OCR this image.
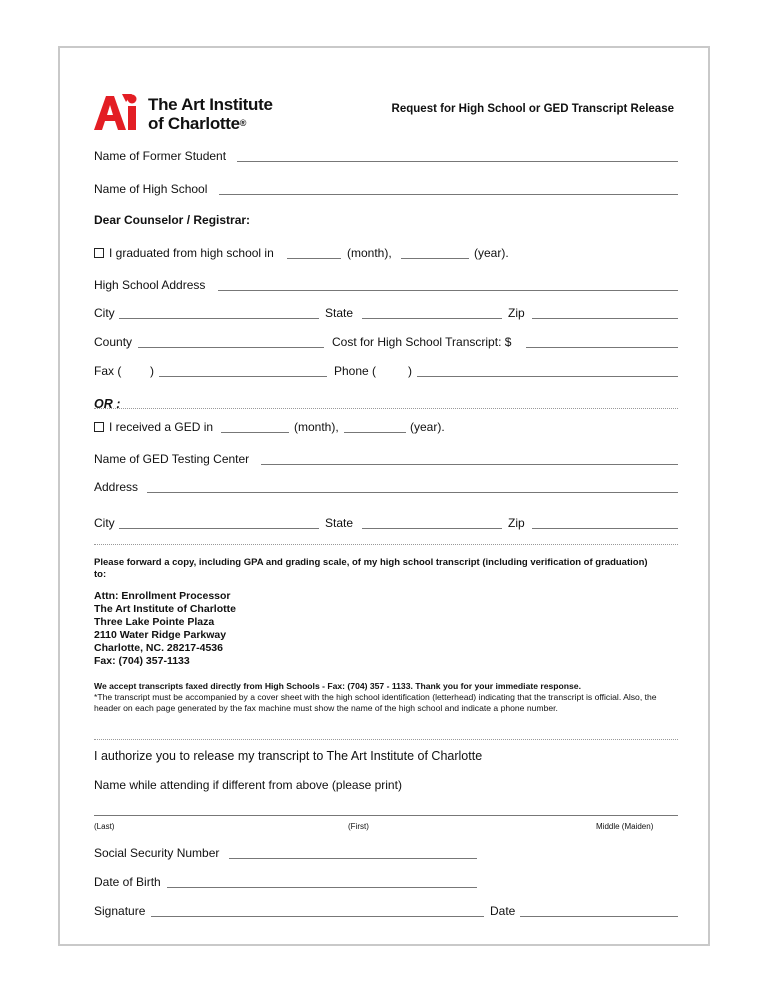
The Art Institute
of Charlotte®
Request for High School or GED Transcript Release
Name of Former Student
Name of High School
Dear Counselor / Registrar:
I graduated from high school in	(month),	(year).
High School Address
City	State	Zip
County	Cost for High School Transcript: $
Fax ( )	Phone (	)
OR :
I received a GED in	(month),	(year).
Name of GED Testing Center
Address
City	State	Zip
Please forward a copy, including GPA and grading scale, of my high school transcript (including verification of graduation) to:
Attn: Enrollment Processor
The Art Institute of Charlotte
Three Lake Pointe Plaza
2110 Water Ridge Parkway
Charlotte, NC. 28217-4536
Fax: (704) 357-1133
We accept transcripts faxed directly from High Schools - Fax: (704) 357 - 1133. Thank you for your immediate response.
*The transcript must be accompanied by a cover sheet with the high school identification (letterhead) indicating that the transcript is official. Also, the header on each page generated by the fax machine must show the name of the high school and indicate a phone number.
I authorize you to release my transcript to The Art Institute of Charlotte
Name while attending if different from above (please print)
(Last)	(First)	Middle (Maiden)
Social Security Number
Date of Birth
Signature	Date
